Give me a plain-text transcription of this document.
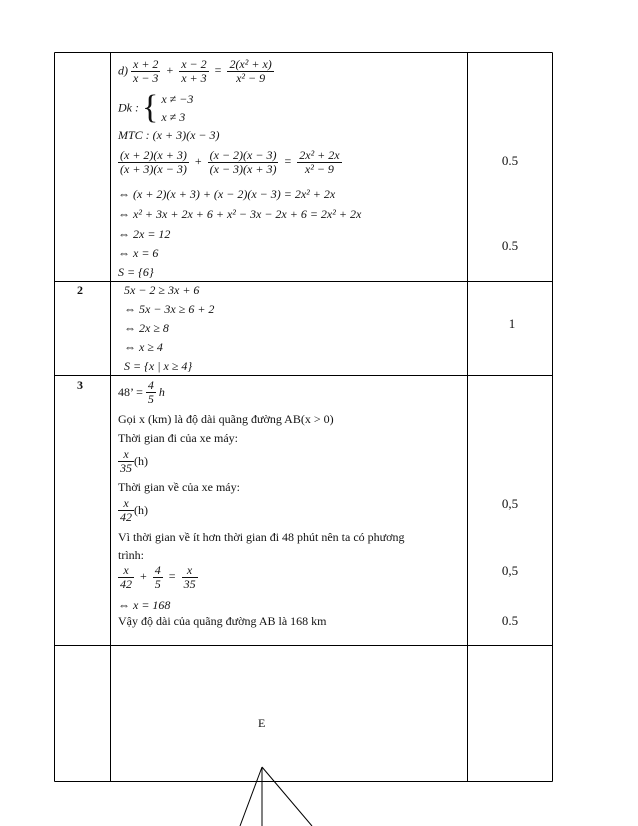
$d) \frac{x + 2}{x - 3} + \frac{x - 2}{x + 3} = \frac{\text{2(x² + x)}}{\text{x² − 9}}$
Dk : { x ≠ −3
x ≠ 3
MTC : (x + 3)(x − 3)
$\frac{(x + 2)(x + 3)}{(x + 3)(x - 3)} + \frac{(x - 2)(x - 3)}{(x - 3)(x + 3)} = \frac{\text{2x² + 2x}}{\text{x² − 9}}$
⇔ (x + 2)(x + 3) + (x − 2)(x − 3) = 2x² + 2x
⇔ x² + 3x + 2x + 6 + x² − 3x − 2x + 6 = 2x² + 2x
⇔ 2x = 12
⇔ x = 6
S = {6}
0.5
0.5
2	5x − 2 ≥ 3x + 6
⇔ 5x − 3x ≥ 6 + 2
⇔ 2x ≥ 8
⇔ x ≥ 4
S = {x | x ≥ 4}
1
3	48’ = $\frac{4}{5}$ h
Gọi x (km) là độ dài quãng đường AB(x > 0)
Thời gian đi của xe máy:
$\frac{x}{35} (h)$
Thời gian về của xe máy:
$\frac{x}{42} (h)$
Vì thời gian về ít hơn thời gian đi 48 phút nên ta có phương
trình:
$\frac{x}{42} + \frac{4}{5} = \frac{x}{35}$
⇔ x = 168
Vậy độ dài của quãng đường AB là 168 km
0,5
0,5
0.5
E
